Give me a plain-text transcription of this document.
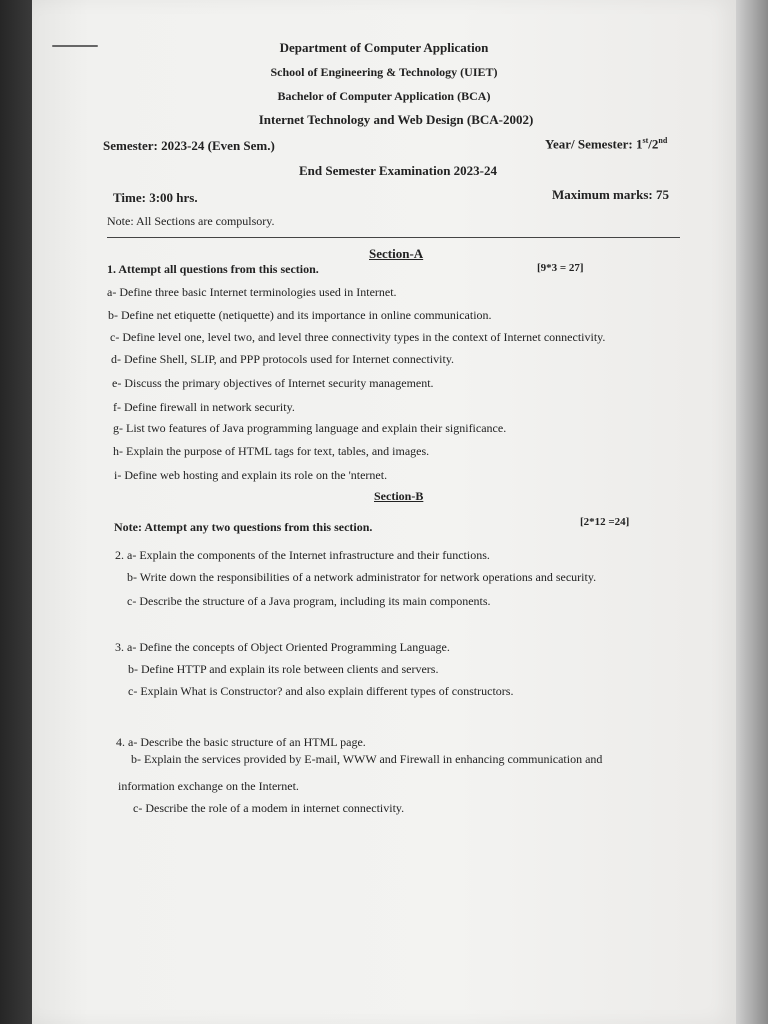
Department of Computer Application
School of Engineering & Technology (UIET)
Bachelor of Computer Application (BCA)
Internet Technology and Web Design (BCA-2002)
Semester: 2023-24 (Even Sem.)	Year/ Semester: 1st/2nd
End Semester Examination 2023-24
Time: 3:00 hrs.	Maximum marks: 75
Note: All Sections are compulsory.
Section-A
1. Attempt all questions from this section.	[9*3 = 27]
a- Define three basic Internet terminologies used in Internet.
b- Define net etiquette (netiquette) and its importance in online communication.
c- Define level one, level two, and level three connectivity types in the context of Internet connectivity.
d- Define Shell, SLIP, and PPP protocols used for Internet connectivity.
e- Discuss the primary objectives of Internet security management.
f- Define firewall in network security.
g- List two features of Java programming language and explain their significance.
h- Explain the purpose of HTML tags for text, tables, and images.
i- Define web hosting and explain its role on the 'nternet.
Section-B
Note: Attempt any two questions from this section.	[2*12 =24]
2. a- Explain the components of the Internet infrastructure and their functions.
b- Write down the responsibilities of a network administrator for network operations and security.
c- Describe the structure of a Java program, including its main components.
3. a- Define the concepts of Object Oriented Programming Language.
b- Define HTTP and explain its role between clients and servers.
c- Explain What is Constructor? and also explain different types of constructors.
4. a- Describe the basic structure of an HTML page.
b- Explain the services provided by E-mail, WWW and Firewall in enhancing communication and
information exchange on the Internet.
c- Describe the role of a modem in internet connectivity.
